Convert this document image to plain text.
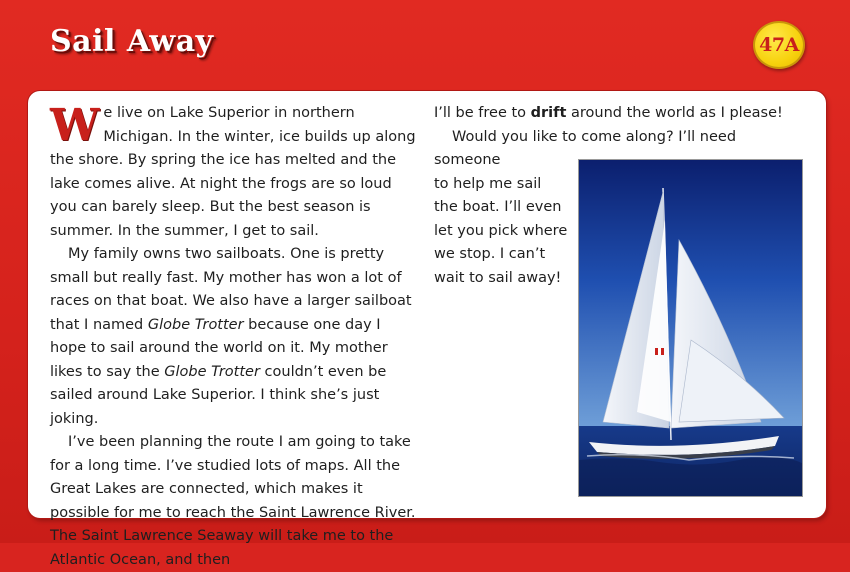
Sail Away	47A

We live on Lake Superior in northern Michigan. In the winter, ice builds up along the shore. By spring the ice has melted and the lake comes alive. At night the frogs are so loud you can barely sleep. But the best season is summer. In the summer, I get to sail.

My family owns two sailboats. One is pretty small but really fast. My mother has won a lot of races on that boat. We also have a larger sailboat that I named Globe Trotter because one day I hope to sail around the world on it. My mother likes to say the Globe Trotter couldn’t even be sailed around Lake Superior. I think she’s just joking.

I’ve been planning the route I am going to take for a long time. I’ve studied lots of maps. All the Great Lakes are connected, which makes it possible for me to reach the Saint Lawrence River. The Saint Lawrence Seaway will take me to the Atlantic Ocean, and then

I’ll be free to drift around the world as I please!

Would you like to come along? I’ll need someone

to help me sail the boat. I’ll even let you pick where we stop. I can’t wait to sail away!
